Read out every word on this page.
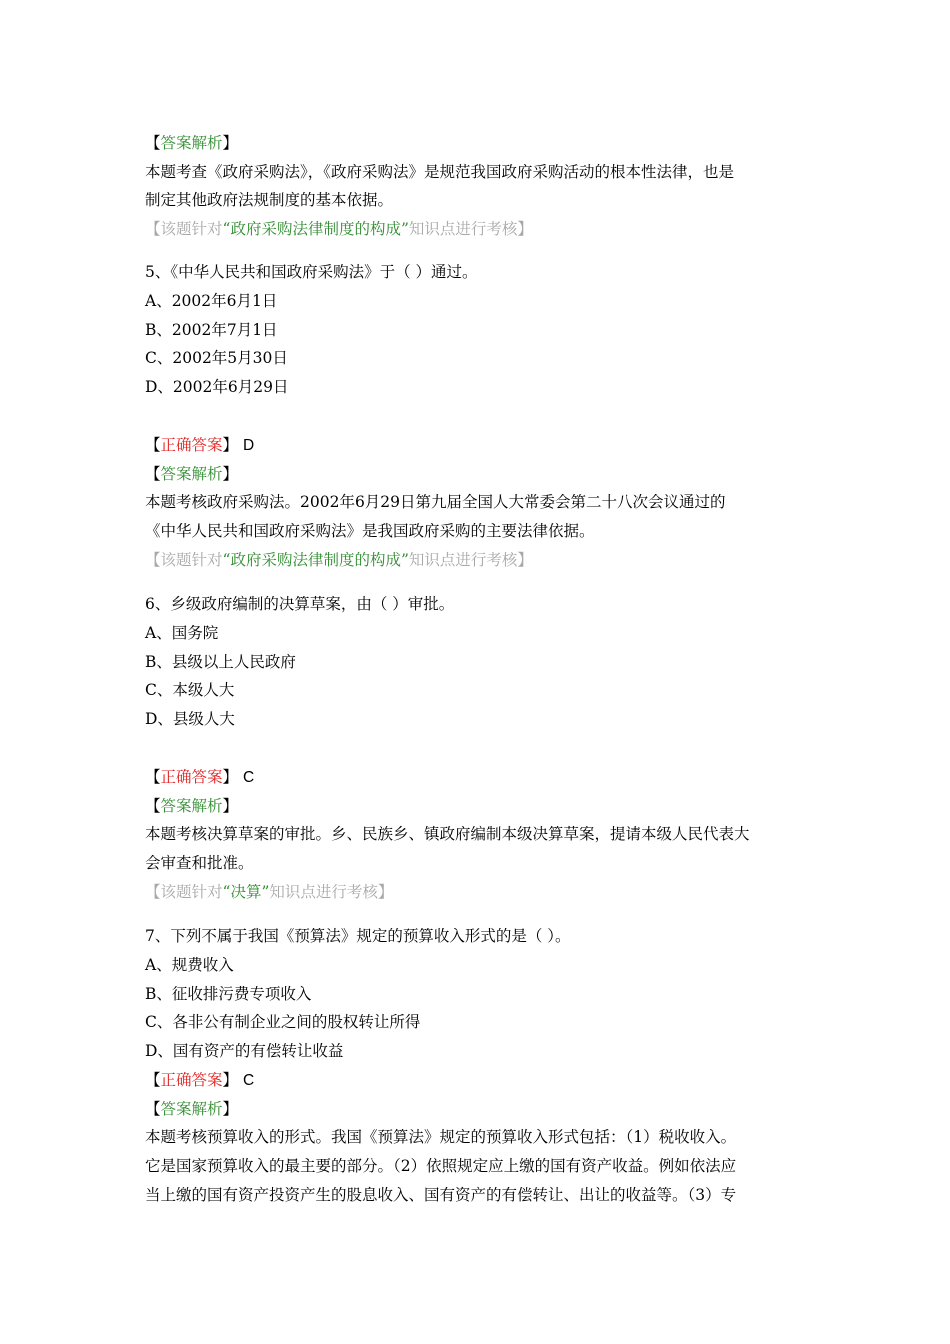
【答案解析】
本题考查《政府采购法》，《政府采购法》是规范我国政府采购活动的根本性法律，也是
制定其他政府法规制度的基本依据。
【该题针对“政府采购法律制度的构成”知识点进行考核】
5、《中华人民共和国政府采购法》于（ ）通过。
A、2002年6月1日
B、2002年7月1日
C、2002年5月30日
D、2002年6月29日
【正确答案】 D
【答案解析】
本题考核政府采购法。2002年6月29日第九届全国人大常委会第二十八次会议通过的
《中华人民共和国政府采购法》是我国政府采购的主要法律依据。
【该题针对“政府采购法律制度的构成”知识点进行考核】
6、乡级政府编制的决算草案，由（ ）审批。
A、国务院
B、县级以上人民政府
C、本级人大
D、县级人大
【正确答案】 C
【答案解析】
本题考核决算草案的审批。乡、民族乡、镇政府编制本级决算草案，提请本级人民代表大
会审查和批准。
【该题针对“决算”知识点进行考核】
7、下列不属于我国《预算法》规定的预算收入形式的是（ ）。
A、规费收入
B、征收排污费专项收入
C、各非公有制企业之间的股权转让所得
D、国有资产的有偿转让收益
【正确答案】 C
【答案解析】
本题考核预算收入的形式。我国《预算法》规定的预算收入形式包括：（1）税收收入。
它是国家预算收入的最主要的部分。（2）依照规定应上缴的国有资产收益。例如依法应
当上缴的国有资产投资产生的股息收入、国有资产的有偿转让、出让的收益等。（3）专
